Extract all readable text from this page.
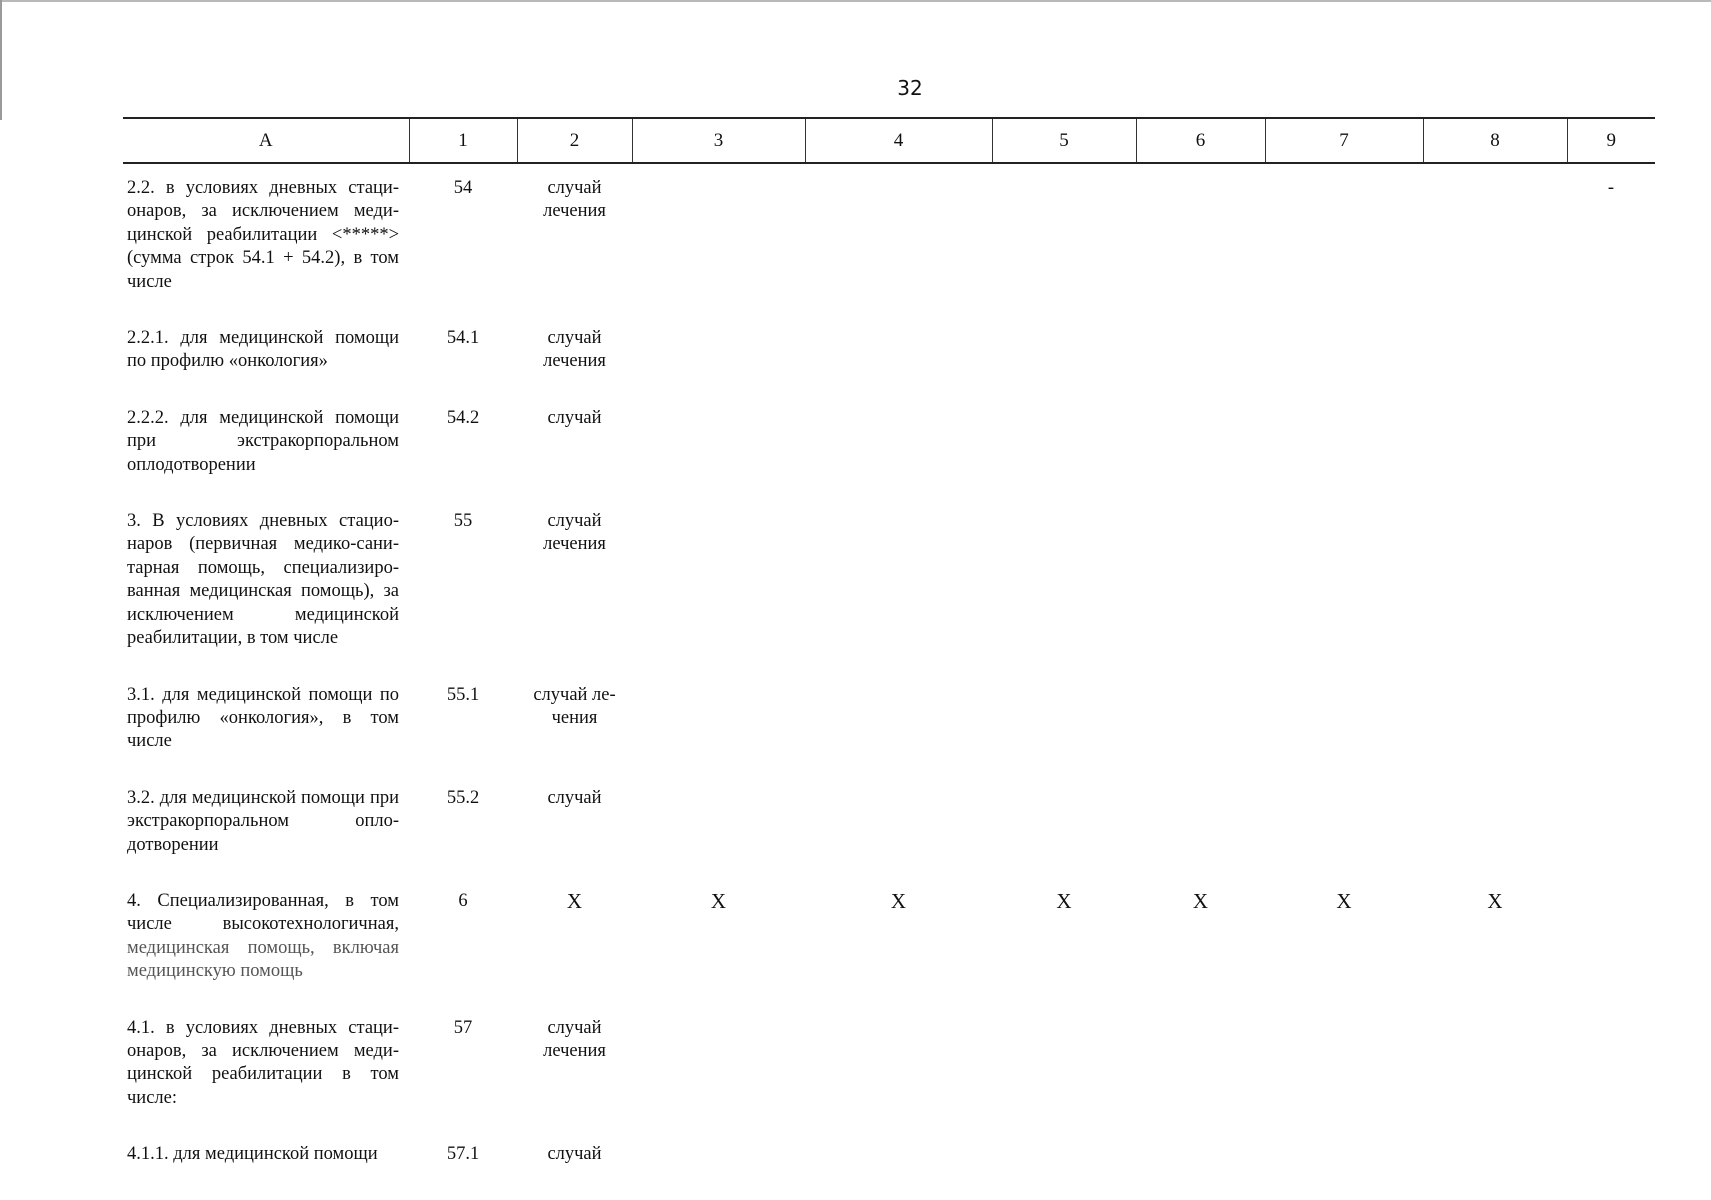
32
A	1	2	3	4	5	6	7	8	9
2.2. в условиях дневных стаци- онаров, за исключением меди- цинской реабилитации <*****> (сумма строк 54.1 + 54.2), в том числе	54	случай лечения							-
2.2.1. для медицинской помощи по профилю «онкология»	54.1	случай лечения							
2.2.2. для медицинской помощи при экстракорпоральном оплодотворении	54.2	случай							
3. В условиях дневных стацио- наров (первичная медико-сани- тарная помощь, специализиро- ванная медицинская помощь), за исключением медицинской реабилитации, в том числе	55	случай лечения							
3.1. для медицинской помощи по профилю «онкология», в том числе	55.1	случай ле-чения							
3.2. для медицинской помощи при экстракорпоральном опло- дотворении	55.2	случай							
4. Специализированная, в том числе высокотехнологичная, медицинская помощь, включая медицинскую помощь	6	X	X	X	X	X	X	X	
4.1. в условиях дневных стаци- онаров, за исключением меди- цинской реабилитации в том числе:	57	случай лечения							
4.1.1. для медицинской помощи	57.1	случай							
